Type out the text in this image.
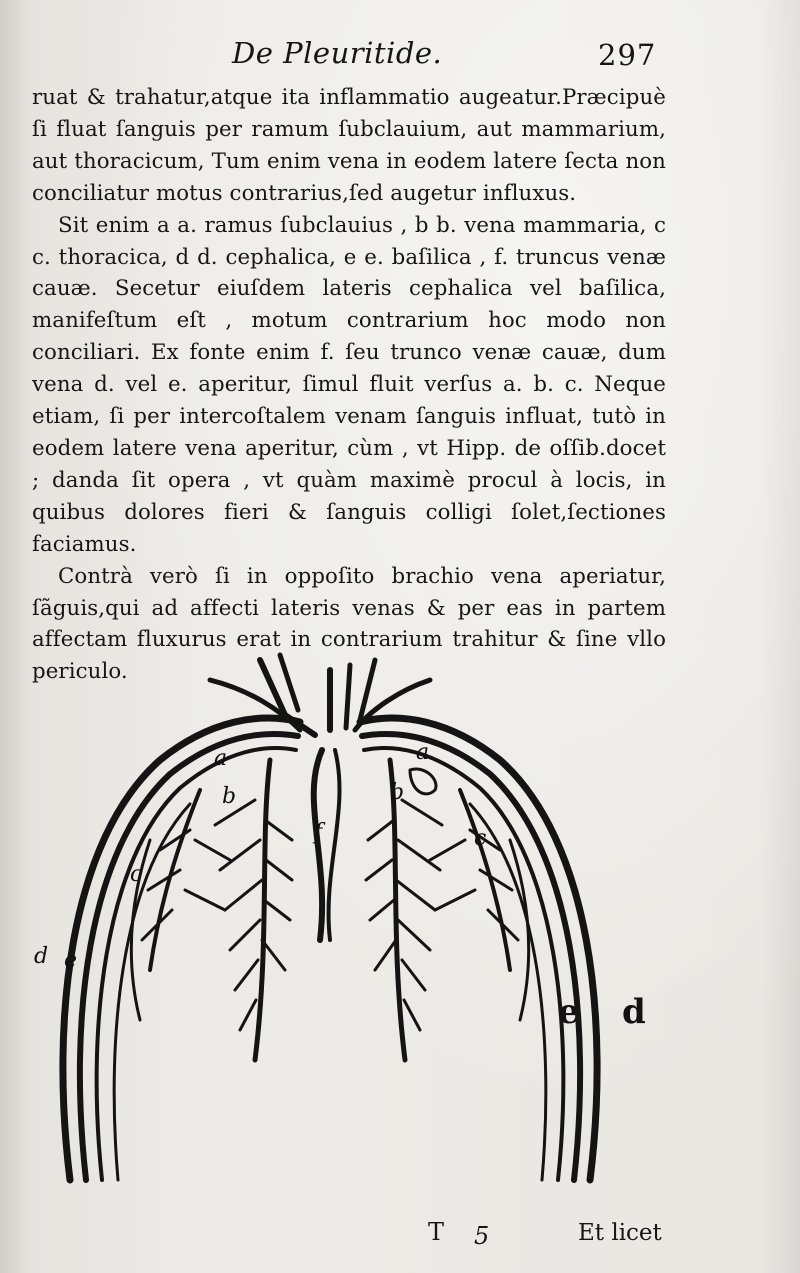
De Pleuritide.	297

ruat & trahatur,atque ita inflammatio augeatur.Præcipuè ſi fluat ſanguis per ramum ſubclauium, aut mammarium, aut thoracicum, Tum enim vena in eodem latere ſecta non conciliatur motus contrarius,ſed augetur influxus.

Sit enim a a. ramus ſubclauius , b b. vena mammaria, c c. thoracica, d d. cephalica, e e. baſilica , f. truncus venæ cauæ. Secetur eiuſdem lateris cephalica vel baſilica, manifeſtum eſt , motum contrarium hoc modo non conciliari. Ex fonte enim f. ſeu trunco venæ cauæ, dum vena d. vel e. aperitur, ſimul fluit verſus a. b. c. Neque etiam, ſi per intercoſtalem venam ſanguis influat, tutò in eodem latere vena aperitur, cùm , vt Hipp. de oſſib.docet ; danda ſit opera , vt quàm maximè procul à locis, in quibus dolores fieri & ſanguis colligi ſolet,ſectiones faciamus.

Contrà verò ſi in oppoſito brachio vena aperiatur, ſãguis,qui ad affecti lateris venas & per eas in partem affectam fluxurus erat in contrarium trahitur & ſine vllo periculo.

a
b
c
d e
f
a
b
c
e d
T 5	Et licet
